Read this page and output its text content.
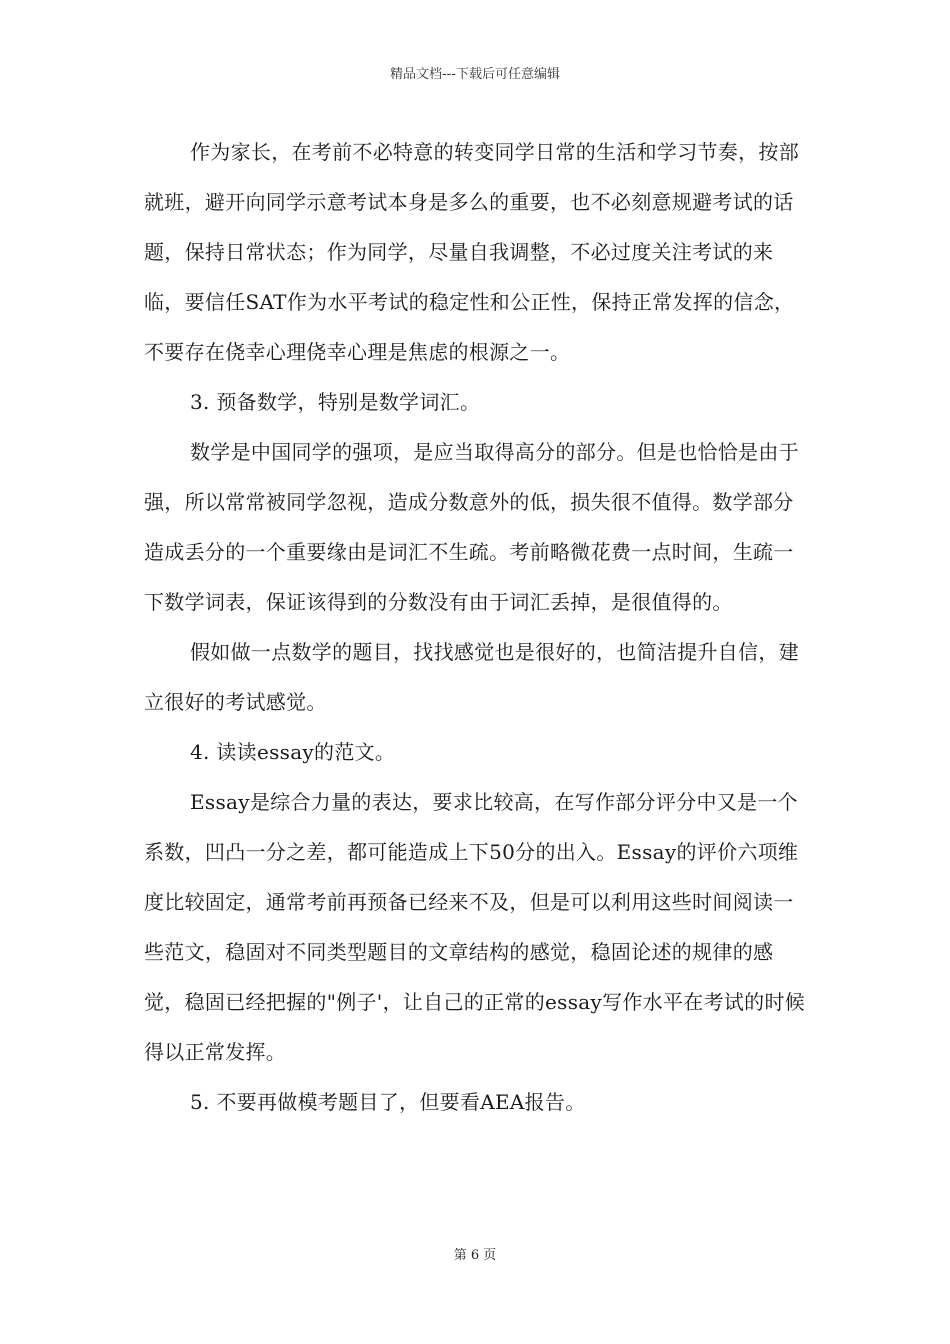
精品文档---下载后可任意编辑

作为家长，在考前不必特意的转变同学日常的生活和学习节奏，按部就班，避开向同学示意考试本身是多么的重要，也不必刻意规避考试的话题，保持日常状态；作为同学，尽量自我调整，不必过度关注考试的来临，要信任SAT作为水平考试的稳定性和公正性，保持正常发挥的信念，不要存在侥幸心理侥幸心理是焦虑的根源之一。

3. 预备数学，特别是数学词汇。

数学是中国同学的强项，是应当取得高分的部分。但是也恰恰是由于强，所以常常被同学忽视，造成分数意外的低，损失很不值得。数学部分造成丢分的一个重要缘由是词汇不生疏。考前略微花费一点时间，生疏一下数学词表，保证该得到的分数没有由于词汇丢掉，是很值得的。

假如做一点数学的题目，找找感觉也是很好的，也简洁提升自信，建立很好的考试感觉。

4. 读读essay的范文。

Essay是综合力量的表达，要求比较高，在写作部分评分中又是一个系数，凹凸一分之差，都可能造成上下50分的出入。Essay的评价六项维度比较固定，通常考前再预备已经来不及，但是可以利用这些时间阅读一些范文，稳固对不同类型题目的文章结构的感觉，稳固论述的规律的感觉，稳固已经把握的"例子'，让自己的正常的essay写作水平在考试的时候得以正常发挥。

5. 不要再做模考题目了，但要看AEA报告。

第 6 页
